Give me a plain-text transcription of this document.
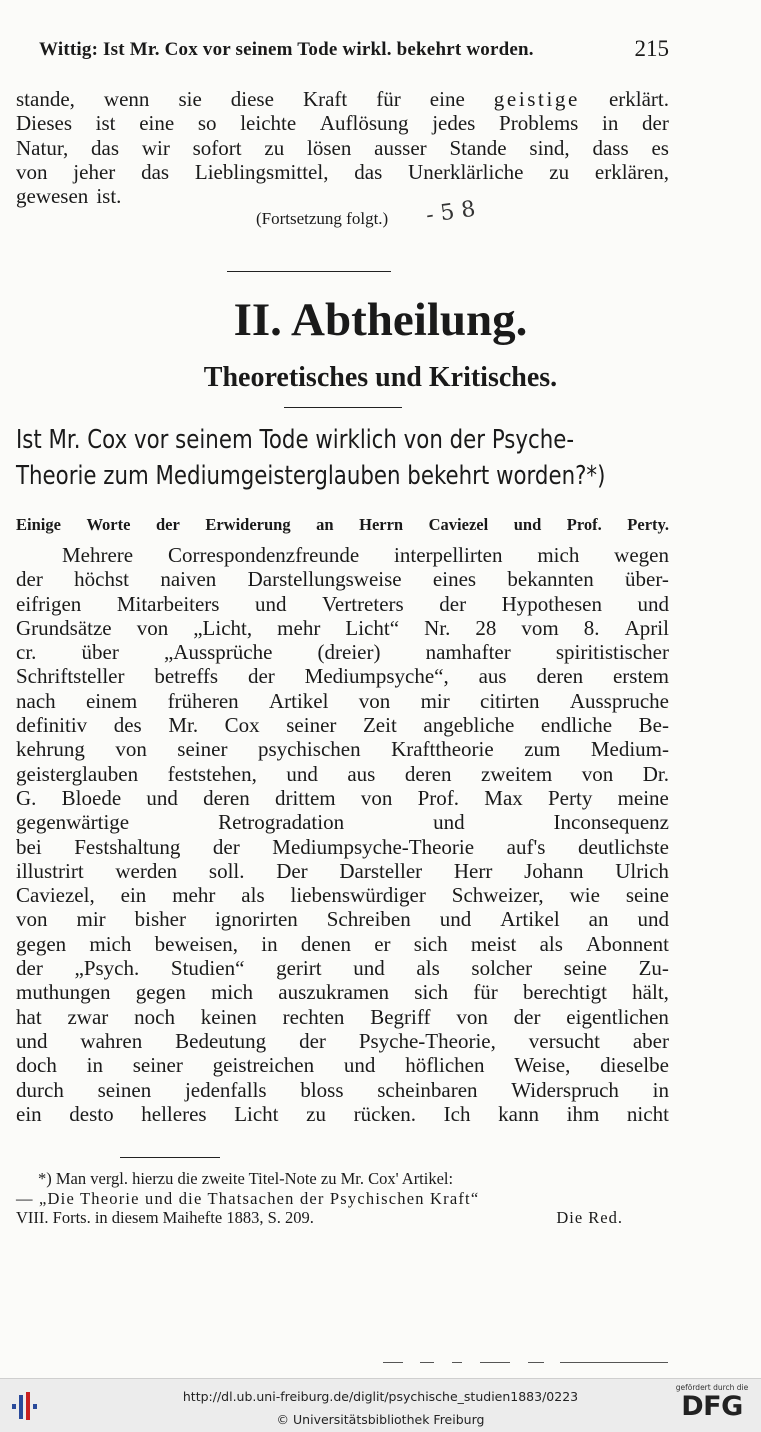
Wittig: Ist Mr. Cox vor seinem Tode wirkl. bekehrt worden.	215
stande, wenn sie diese Kraft für eine geistige erklärt.
Dieses ist eine so leichte Auflösung jedes Problems in der
Natur, das wir sofort zu lösen ausser Stande sind, dass es
von jeher das Lieblingsmittel, das Unerklärliche zu erklären,
gewesen ist.
(Fortsetzung folgt.) - 5 8
II. Abtheilung.
Theoretisches und Kritisches.
Ist Mr. Cox vor seinem Tode wirklich von der Psyche-
Theorie zum Mediumgeisterglauben bekehrt worden?*)
Einige Worte der Erwiderung an Herrn Caviezel und Prof. Perty.
Mehrere Correspondenzfreunde interpellirten mich wegen
der höchst naiven Darstellungsweise eines bekannten über-
eifrigen Mitarbeiters und Vertreters der Hypothesen und
Grundsätze von „Licht, mehr Licht“ Nr. 28 vom 8. April
cr. über „Aussprüche (dreier) namhafter spiritistischer
Schriftsteller betreffs der Mediumpsyche“, aus deren erstem
nach einem früheren Artikel von mir citirten Ausspruche
definitiv des Mr. Cox seiner Zeit angebliche endliche Be-
kehrung von seiner psychischen Krafttheorie zum Medium-
geisterglauben feststehen, und aus deren zweitem von Dr.
G. Bloede und deren drittem von Prof. Max Perty meine
gegenwärtige	Retrogradation	und	Inconsequenz
bei Festshaltung der Mediumpsyche-Theorie auf's deutlichste
illustrirt werden soll. Der Darsteller Herr Johann Ulrich
Caviezel, ein mehr als liebenswürdiger Schweizer, wie seine
von mir bisher ignorirten Schreiben und Artikel an und
gegen mich beweisen, in denen er sich meist als Abonnent
der „Psych. Studien“ gerirt und als solcher seine Zu-
muthungen gegen mich auszukramen sich für berechtigt hält,
hat zwar noch keinen rechten Begriff von der eigentlichen
und wahren Bedeutung der Psyche-Theorie, versucht aber
doch in seiner geistreichen und höflichen Weise, dieselbe
durch seinen jedenfalls bloss scheinbaren Widerspruch in
ein desto helleres Licht zu rücken. Ich kann ihm nicht
*) Man vergl. hierzu die zweite Titel-Note zu Mr. Cox' Artikel:
— „Die Theorie und die Thatsachen der Psychischen Kraft“
VIII. Forts. in diesem Maihefte 1883, S. 209.	Die Red.
http://dl.ub.uni-freiburg.de/diglit/psychische_studien1883/0223
© Universitätsbibliothek Freiburg
gefördert durch die
DFG
